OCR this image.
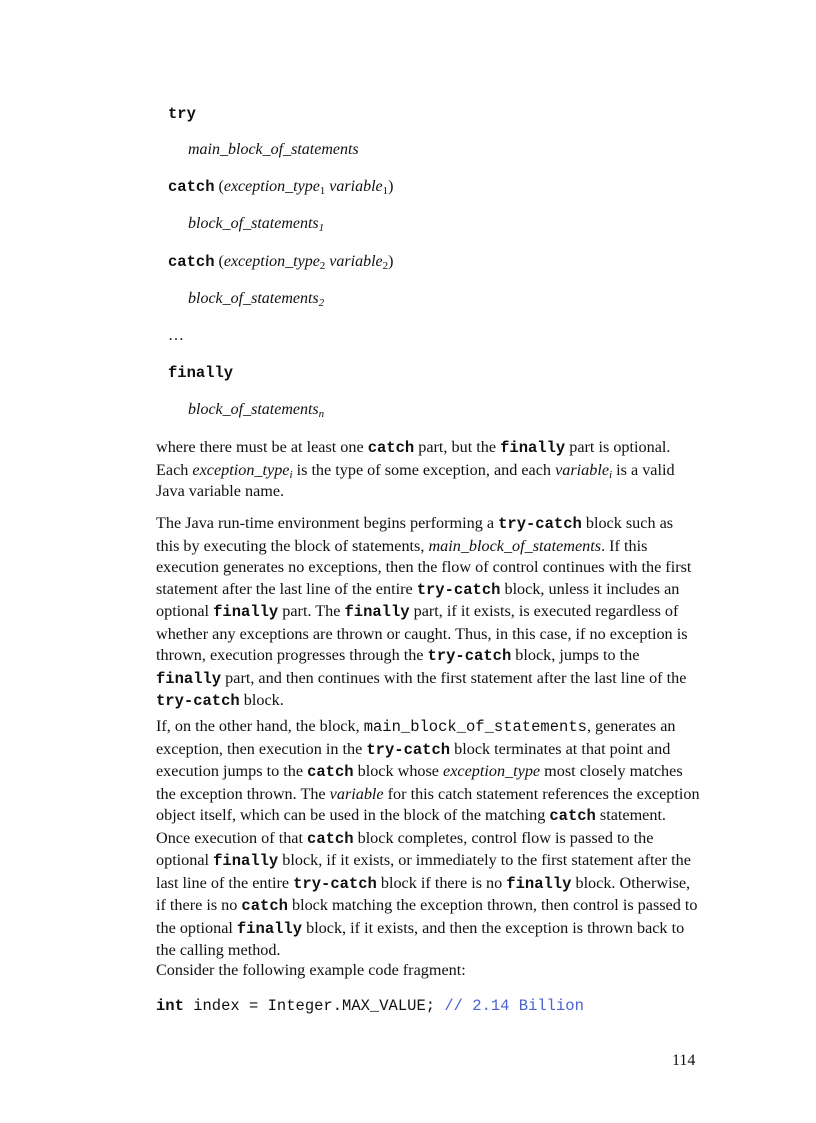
try
main_block_of_statements
catch (exception_type$_1$ variable$_1$)
block_of_statements$_1$
catch (exception_type$_2$ variable$_2$)
block_of_statements$_2$
…
finally
block_of_statements$_n$
where there must be at least one catch part, but the finally part is optional.
Each exception_type$_i$ is the type of some exception, and each variable$_i$ is a valid
Java variable name.
The Java run-time environment begins performing a try-catch block such as
this by executing the block of statements, main_block_of_statements. If this
execution generates no exceptions, then the flow of control continues with the first
statement after the last line of the entire try-catch block, unless it includes an
optional finally part. The finally part, if it exists, is executed regardless of
whether any exceptions are thrown or caught. Thus, in this case, if no exception is
thrown, execution progresses through the try-catch block, jumps to the
finally part, and then continues with the first statement after the last line of the
try-catch block.
If, on the other hand, the block, main_block_of_statements, generates an
exception, then execution in the try-catch block terminates at that point and
execution jumps to the catch block whose exception_type most closely matches
the exception thrown. The variable for this catch statement references the exception
object itself, which can be used in the block of the matching catch statement.
Once execution of that catch block completes, control flow is passed to the
optional finally block, if it exists, or immediately to the first statement after the
last line of the entire try-catch block if there is no finally block. Otherwise,
if there is no catch block matching the exception thrown, then control is passed to
the optional finally block, if it exists, and then the exception is thrown back to
the calling method.
Consider the following example code fragment:
int index = Integer.MAX_VALUE; // 2.14 Billion
114
